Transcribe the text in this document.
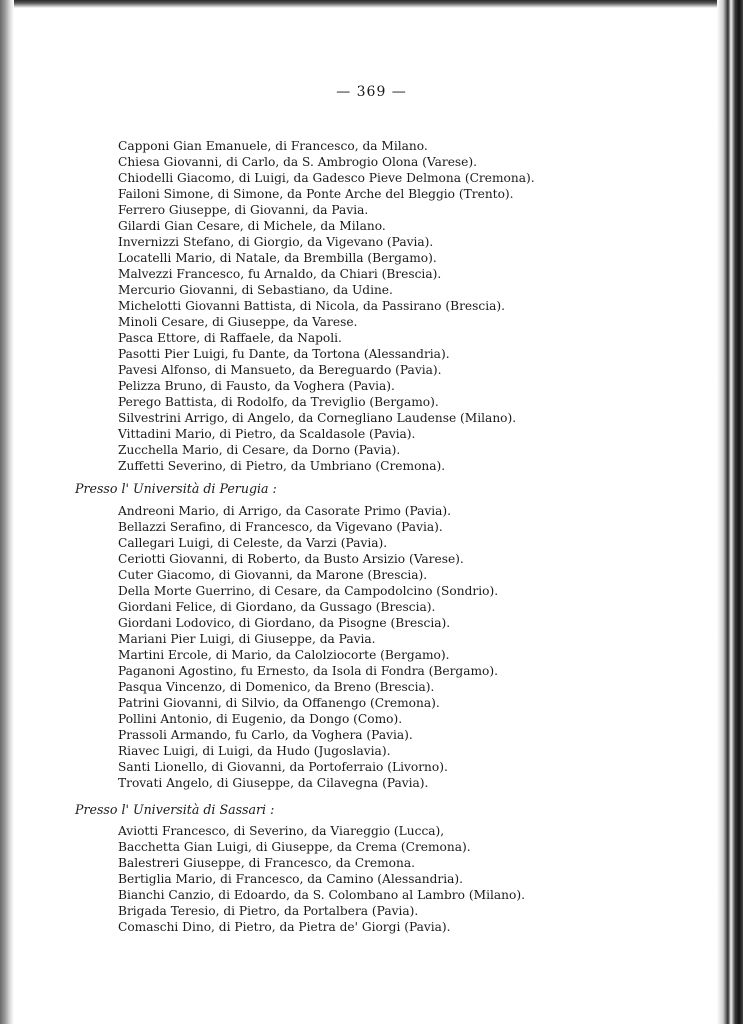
— 369 —
Capponi Gian Emanuele, di Francesco, da Milano.
Chiesa Giovanni, di Carlo, da S. Ambrogio Olona (Varese).
Chiodelli Giacomo, di Luigi, da Gadesco Pieve Delmona (Cremona).
Failoni Simone, di Simone, da Ponte Arche del Bleggio (Trento).
Ferrero Giuseppe, di Giovanni, da Pavia.
Gilardi Gian Cesare, di Michele, da Milano.
Invernizzi Stefano, di Giorgio, da Vigevano (Pavia).
Locatelli Mario, di Natale, da Brembilla (Bergamo).
Malvezzi Francesco, fu Arnaldo, da Chiari (Brescia).
Mercurio Giovanni, di Sebastiano, da Udine.
Michelotti Giovanni Battista, di Nicola, da Passirano (Brescia).
Minoli Cesare, di Giuseppe, da Varese.
Pasca Ettore, di Raffaele, da Napoli.
Pasotti Pier Luigi, fu Dante, da Tortona (Alessandria).
Pavesi Alfonso, di Mansueto, da Bereguardo (Pavia).
Pelizza Bruno, di Fausto, da Voghera (Pavia).
Perego Battista, di Rodolfo, da Treviglio (Bergamo).
Silvestrini Arrigo, di Angelo, da Cornegliano Laudense (Milano).
Vittadini Mario, di Pietro, da Scaldasole (Pavia).
Zucchella Mario, di Cesare, da Dorno (Pavia).
Zuffetti Severino, di Pietro, da Umbriano (Cremona).
Presso l' Università di Perugia :
Andreoni Mario, di Arrigo, da Casorate Primo (Pavia).
Bellazzi Serafino, di Francesco, da Vigevano (Pavia).
Callegari Luigi, di Celeste, da Varzi (Pavia).
Ceriotti Giovanni, di Roberto, da Busto Arsizio (Varese).
Cuter Giacomo, di Giovanni, da Marone (Brescia).
Della Morte Guerrino, di Cesare, da Campodolcino (Sondrio).
Giordani Felice, di Giordano, da Gussago (Brescia).
Giordani Lodovico, di Giordano, da Pisogne (Brescia).
Mariani Pier Luigi, di Giuseppe, da Pavia.
Martini Ercole, di Mario, da Calolziocorte (Bergamo).
Paganoni Agostino, fu Ernesto, da Isola di Fondra (Bergamo).
Pasqua Vincenzo, di Domenico, da Breno (Brescia).
Patrini Giovanni, di Silvio, da Offanengo (Cremona).
Pollini Antonio, di Eugenio, da Dongo (Como).
Prassoli Armando, fu Carlo, da Voghera (Pavia).
Riavec Luigi, di Luigi, da Hudo (Jugoslavia).
Santi Lionello, di Giovanni, da Portoferraio (Livorno).
Trovati Angelo, di Giuseppe, da Cilavegna (Pavia).
Presso l' Università di Sassari :
Aviotti Francesco, di Severino, da Viareggio (Lucca),
Bacchetta Gian Luigi, di Giuseppe, da Crema (Cremona).
Balestreri Giuseppe, di Francesco, da Cremona.
Bertiglia Mario, di Francesco, da Camino (Alessandria).
Bianchi Canzio, di Edoardo, da S. Colombano al Lambro (Milano).
Brigada Teresio, di Pietro, da Portalbera (Pavia).
Comaschi Dino, di Pietro, da Pietra de' Giorgi (Pavia).
